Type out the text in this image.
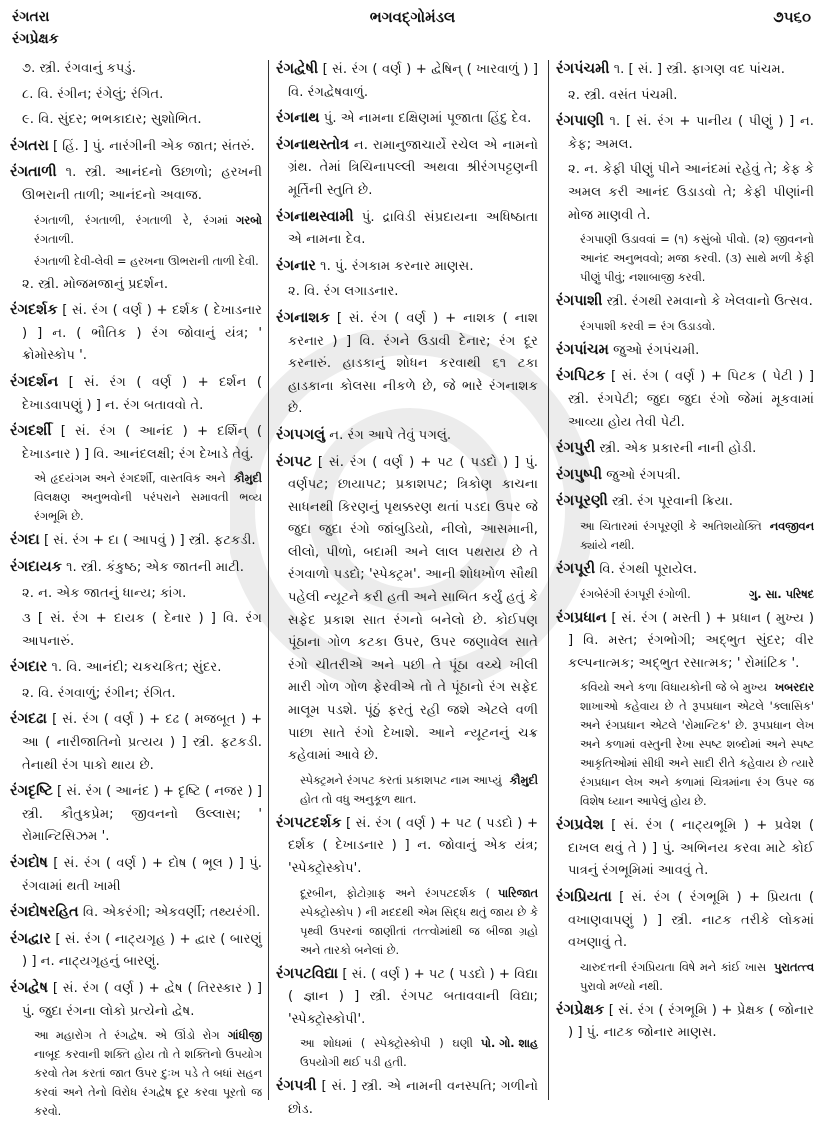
રંગતરા
રંગપ્રેક્ષક
ભગવદ્ગોમંડલ	૭૫૬૦
૭. સ્ત્રી. રંગવાનું કપડું.
૮. વિ. રંગીન; રંગેલું; રંગિત.
૯. વિ. સુંદર; ભભકાદાર; સુશોભિત.
રંગતરા [ હિં. ] પું. નારંગીની એક જાત; સંતરું.
રંગતાળી ૧. સ્ત્રી. આનંદનો ઉછાળો; હરખની ઊભરાની તાળી; આનંદનો અવાજ.
ગરબો
રંગતાળી, રંગતાળી, રંગતાળી રે, રંગમાં રંગતાળી.
રંગતાળી દેવી-લેવી = હરખના ઊભરાની તાળી દેવી.
૨. સ્ત્રી. મોજમજાનું પ્રદર્શન.
રંગદર્શક [ સં. રંગ ( વર્ણ ) + દર્શક ( દેખાડનાર ) ] ન. ( ભૌતિક ) રંગ જોવાનું યંત્ર; ' ક્રોમોસ્કોપ '.
રંગદર્શન [ સં. રંગ ( વર્ણ ) + દર્શન ( દેખાડવાપણું ) ] ન. રંગ બતાવવો તે.
રંગદર્શી [ સં. રંગ ( આનંદ ) + દર્શિન્ ( દેખાડનાર ) ] વિ. આનંદલક્ષી; રંગ દેખાડે તેવું.
કૌમુદી
એ હૃદયંગમ અને રંગદર્શી, વાસ્તવિક અને વિલક્ષણ અનુભવોની પરંપરાને સમાવતી ભવ્ય રંગભૂમિ છે.
રંગદા [ સં. રંગ + દા ( આપવું ) ] સ્ત્રી. ફટકડી.
રંગદાયક ૧. સ્ત્રી. કંકુષ્ઠ; એક જાતની માટી.
૨. ન. એક જાતનું ધાન્ય; કાંગ.
૩ [ સં. રંગ + દાયક ( દેનાર ) ] વિ. રંગ આપનારું.
રંગદાર ૧. વિ. આનંદી; ચકચકિત; સુંદર.
૨. વિ. રંગવાળું; રંગીન; રંગિત.
રંગદઢા [ સં. રંગ ( વર્ણ ) + દઢ ( મજબૂત ) + આ ( નારીજાતિનો પ્રત્યય ) ] સ્ત્રી. ફટકડી. તેનાથી રંગ પાકો થાય છે.
રંગદૃષ્ટિ [ સં. રંગ ( આનંદ ) + દૃષ્ટિ ( નજર ) ] સ્ત્રી. કૌતુકપ્રેમ; જીવનનો ઉલ્લાસ; ' રોમાન્ટિસિઝમ '.
રંગદોષ [ સં. રંગ ( વર્ણ ) + દોષ ( ભૂલ ) ] પું. રંગવામાં થતી ખામી
રંગદોષરહિત વિ. એકરંગી; એકવર્ણી; તથ્યરંગી.
રંગદ્વાર [ સં. રંગ ( નાટ્યગૃહ ) + દ્વાર ( બારણું ) ] ન. નાટ્યગૃહનું બારણું.
રંગદ્વેષ [ સં. રંગ ( વર્ણ ) + દ્વેષ ( તિરસ્કાર ) ] પું. જુદા રંગના લોકો પ્રત્યેનો દ્વેષ.
ગાંધીજી
આ મહારોગ તે રંગદ્વેષ. એ ઊંડો રોગ નાબૂદ કરવાની શક્તિ હોય તો તે શક્તિનો ઉપયોગ કરવો તેમ કરતાં જાત ઉપર દુઃખ પડે તે બધાં સહન કરવાં અને તેનો વિરોધ રંગદ્વેષ દૂર કરવા પૂરતો જ કરવો.
રંગદ્વેષી [ સં. રંગ ( વર્ણ ) + દ્વેષિન્ ( ખારવાળું ) ] વિ. રંગદ્વેષવાળું.
રંગનાથ પું. એ નામના દક્ષિણમાં પૂજાતા હિંદુ દેવ.
રંગનાથસ્તોત્ર ન. રામાનુજાચાર્યે રચેલ એ નામનો ગ્રંથ. તેમાં ત્રિચિનાપલ્લી અથવા શ્રીરંગપટ્ટણની મૂર્તિની સ્તુતિ છે.
રંગનાથસ્વામી પું. દ્રાવિડી સંપ્રદાયના અધિષ્ઠાતા એ નામના દેવ.
રંગનાર ૧. પું. રંગકામ કરનાર માણસ.
૨. વિ. રંગ લગાડનાર.
રંગનાશક [ સં. રંગ ( વર્ણ ) + નાશક ( નાશ કરનાર ) ] વિ. રંગને ઉડાવી દેનાર; રંગ દૂર કરનારું. હાડકાનું શોધન કરવાથી ૬૧ ટકા હાડકાના કોલસા નીકળે છે, જે ભારે રંગનાશક છે.
રંગપગલું ન. રંગ આપે તેવું પગલું.
રંગપટ [ સં. રંગ ( વર્ણ ) + પટ ( પડદો ) ] પું. વર્ણપટ; છાયાપટ; પ્રકાશપટ; ત્રિકોણ કાચના સાધનથી કિરણનું પૃથક્કરણ થતાં પડદા ઉપર જે જુદા જુદા રંગો જાંબુડિયો, નીલો, આસમાની, લીલો, પીળો, બદામી અને લાલ પથરાય છે તે રંગવાળો પડદો; 'સ્પેક્ટ્રમ'. આની શોધખોળ સૌથી પહેલી ન્યૂટને કરી હતી અને સાબિત કર્યું હતું કે સફેદ પ્રકાશ સાત રંગનો બનેલો છે. કોઈપણ પૂંઠાના ગોળ કટકા ઉપર, ઉપર જણાવેલ સાતે રંગો ચીતરીએ અને પછી તે પૂંઠા વચ્ચે ખીલી મારી ગોળ ગોળ ફેરવીએ તો તે પૂંઠાનો રંગ સફેદ માલૂમ પડશે. પૂંઠું ફરતું રહી જશે એટલે વળી પાછા સાતે રંગો દેખાશે. આને ન્યૂટનનું ચક્ર કહેવામાં આવે છે.
કૌમુદી
સ્પેક્ટ્રમને રંગપટ કરતાં પ્રકાશપટ નામ આપ્યું હોત તો વધુ અનુકૂળ થાત.
રંગપટદર્શક [ સં. રંગ ( વર્ણ ) + પટ ( પડદો ) + દર્શક ( દેખાડનાર ) ] ન. જોવાનું એક યંત્ર; 'સ્પેક્ટ્રોસ્કોપ'.
પારિજાત
દૂરબીન, ફોટોગ્રાફ અને રંગપટદર્શક ( સ્પેક્ટ્રોસ્કોપ ) ની મદદથી એમ સિદ્ધ થતું જાય છે કે પૃથ્વી ઉપરનાં જાણીતાં તત્ત્વોમાંથી જ બીજા ગ્રહો અને તારકો બનેલાં છે.
રંગપટવિદ્યા [ સં. ( વર્ણ ) + પટ ( પડદો ) + વિદ્યા ( જ્ઞાન ) ] સ્ત્રી. રંગપટ બતાવવાની વિદ્યા; 'સ્પેક્ટ્રોસ્કોપી'.
પો. ગો. શાહ
આ શોધમાં ( સ્પેક્ટ્રોસ્કોપી ) ઘણી ઉપયોગી થઈ પડી હતી.
રંગપત્રી [ સં. ] સ્ત્રી. એ નામની વનસ્પતિ; ગળીનો છોડ.
રંગપંચમી ૧. [ સં. ] સ્ત્રી. ફાગણ વદ પાંચમ.
૨. સ્ત્રી. વસંત પંચમી.
રંગપાણી ૧. [ સં. રંગ + પાનીય ( પીણું ) ] ન. કેફ; અમલ.
૨. ન. કેફી પીણું પીને આનંદમાં રહેવું તે; કેફ કે અમલ કરી આનંદ ઉડાડવો તે; કેફી પીણાંની મોજ માણવી તે.
રંગપાણી ઉડાવવાં = (૧) કસુંબો પીવો. (૨) જીવનનો આનંદ અનુભવવો; મજા કરવી. (૩) સાથે મળી કેફી પીણું પીવું; નશાબાજી કરવી.
રંગપાશી સ્ત્રી. રંગથી રમવાનો કે ખેલવાનો ઉત્સવ.
રંગપાશી કરવી = રંગ ઉડાડવો.
રંગપાંચમ જુઓ રંગપંચમી.
રંગપિટક [ સં. રંગ ( વર્ણ ) + પિટક ( પેટી ) ] સ્ત્રી. રંગપેટી; જુદા જુદા રંગો જેમાં મૂકવામાં આવ્યા હોય તેવી પેટી.
રંગપુરી સ્ત્રી. એક પ્રકારની નાની હોડી.
રંગપુષ્પી જુઓ રંગપત્રી.
રંગપૂરણી સ્ત્રી. રંગ પૂરવાની ક્રિયા.
નવજીવન
આ ચિતારમાં રંગપૂરણી કે અતિશયોક્તિ ક્યાંયે નથી.
રંગપૂરી વિ. રંગથી પૂરાયેલ.
ગુ. સા. પરિષદ
રંગબેરંગી રંગપૂરી રંગોળી.
રંગપ્રધાન [ સં. રંગ ( મસ્તી ) + પ્રધાન ( મુખ્ય ) ] વિ. મસ્ત; રંગભોગી; અદ્ભુત સુંદર; વીર કલ્પનાત્મક; અદ્ભુત રસાત્મક; ' રોમાંટિક '.
ખબરદાર
કવિયો અને કળા વિધાયકોની જે બે મુખ્ય શાખાઓ કહેવાય છે તે રૂપપ્રધાન એટલે 'ક્લાસિક' અને રંગપ્રધાન એટલે 'રોમાન્ટિક' છે. રૂપપ્રધાન લેખ અને કળામાં વસ્તુની રેખા સ્પષ્ટ શબ્દોમાં અને સ્પષ્ટ આકૃતિઓમાં સીધી અને સાદી રીતે કહેવાય છે ત્યારે રંગપ્રધાન લેખ અને કળામાં ચિત્રમાંના રંગ ઉપર જ વિશેષ ધ્યાન આપેલું હોય છે.
રંગપ્રવેશ [ સં. રંગ ( નાટ્યભૂમિ ) + પ્રવેશ ( દાખલ થવું તે ) ] પું. અભિનય કરવા માટે કોઈ પાત્રનું રંગભૂમિમાં આવવું તે.
રંગપ્રિયતા [ સં. રંગ ( રંગભૂમિ ) + પ્રિયતા ( વખાણવાપણું ) ] સ્ત્રી. નાટક તરીકે લોકમાં વખણાવું તે.
પુરાતત્ત્વ
ચારુદત્તની રંગપ્રિયતા વિષે મને કાંઈ ખાસ પુરાવો મળ્યો નથી.
રંગપ્રેક્ષક [ સં. રંગ ( રંગભૂમિ ) + પ્રેક્ષક ( જોનાર ) ] પું. નાટક જોનાર માણસ.
